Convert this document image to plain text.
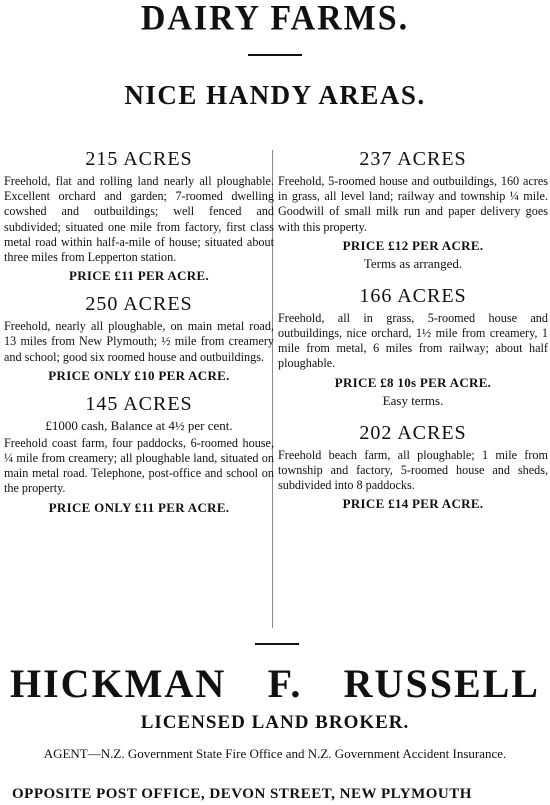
DAIRY FARMS.
NICE HANDY AREAS.
215 ACRES

Freehold, flat and rolling land nearly all ploughable. Excellent orchard and garden; 7-roomed dwelling cowshed and outbuildings; well fenced and subdivided; situated one mile from factory, first class metal road within half-a-mile of house; situated about three miles from Lepperton station.

PRICE £11 PER ACRE.
250 ACRES

Freehold, nearly all ploughable, on main metal road, 13 miles from New Plymouth; ½ mile from creamery and school; good six roomed house and outbuildings.

PRICE ONLY £10 PER ACRE.
145 ACRES
£1000 cash, Balance at 4½ per cent.

Freehold coast farm, four paddocks, 6-roomed house, ¼ mile from creamery; all ploughable land, situated on main metal road. Telephone, post-office and school on the property.

PRICE ONLY £11 PER ACRE.
237 ACRES

Freehold, 5-roomed house and outbuildings, 160 acres in grass, all level land; railway and township ¼ mile. Goodwill of small milk run and paper delivery goes with this property.

PRICE £12 PER ACRE.
Terms as arranged.
166 ACRES

Freehold, all in grass, 5-roomed house and outbuildings, nice orchard, 1½ mile from creamery, 1 mile from metal, 6 miles from railway; about half ploughable.

PRICE £8 10s PER ACRE.
Easy terms.
202 ACRES

Freehold beach farm, all ploughable; 1 mile from township and factory, 5-roomed house and sheds, subdivided into 8 paddocks.

PRICE £14 PER ACRE.
HICKMAN F. RUSSELL
LICENSED LAND BROKER.
AGENT—N.Z. Government State Fire Office and N.Z. Government Accident Insurance.
OPPOSITE POST OFFICE, DEVON STREET, NEW PLYMOUTH
